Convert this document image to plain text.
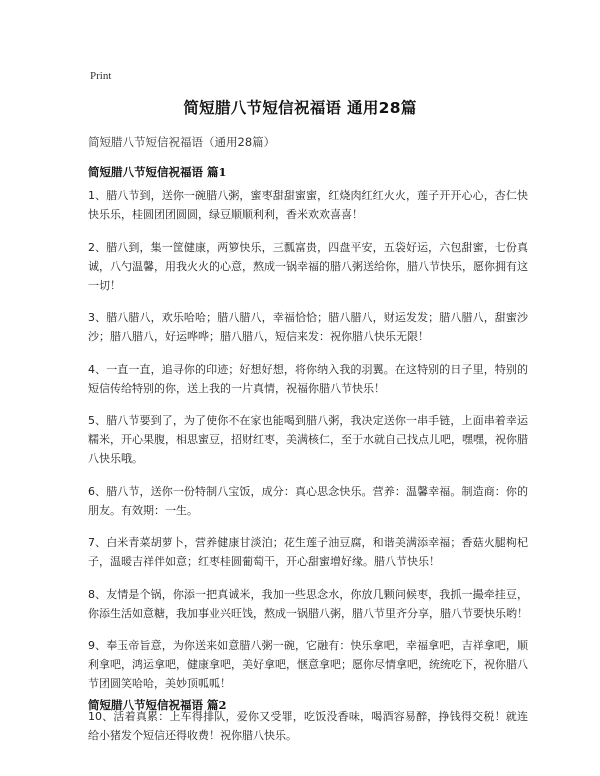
Print
简短腊八节短信祝福语 通用28篇
简短腊八节短信祝福语（通用28篇）
简短腊八节短信祝福语 篇1
1、腊八节到，送你一碗腊八粥，蜜枣甜甜蜜蜜，红烧肉红红火火，莲子开开心心，杏仁快快乐乐，桂圆团团圆圆，绿豆顺顺利利，香米欢欢喜喜！
2、腊八到，集一筐健康，两箩快乐，三瓢富贵，四盘平安，五袋好运，六包甜蜜，七份真诚，八勺温馨，用我火火的心意，熬成一锅幸福的腊八粥送给你，腊八节快乐，愿你拥有这一切！
3、腊八腊八，欢乐哈哈；腊八腊八，幸福恰恰；腊八腊八，财运发发；腊八腊八，甜蜜沙沙；腊八腊八，好运哗哗；腊八腊八，短信来发：祝你腊八快乐无限！
4、一直一直，追寻你的印迹；好想好想，将你纳入我的羽翼。在这特别的日子里，特别的短信传给特别的你，送上我的一片真情，祝福你腊八节快乐！
5、腊八节要到了，为了使你不在家也能喝到腊八粥，我决定送你一串手链，上面串着幸运糯米，开心果腹，相思蜜豆，招财红枣，美满核仁，至于水就自己找点儿吧，嘿嘿，祝你腊八快乐哦。
6、腊八节，送你一份特制八宝饭，成分：真心思念快乐。营养：温馨幸福。制造商：你的朋友。有效期：一生。
7、白米青菜胡萝卜，营养健康甘淡泊；花生莲子油豆腐，和谐美满添幸福；香菇火腿枸杞子，温暖吉祥伴如意；红枣桂圆葡萄干，开心甜蜜增好缘。腊八节快乐！
8、友情是个锅，你添一把真诚米，我加一些思念水，你放几颗问候枣，我抓一撮牵挂豆，你添生活如意糖，我加事业兴旺饯，熬成一锅腊八粥，腊八节里齐分享，腊八节要快乐哟！
9、奉玉帝旨意，为你送来如意腊八粥一碗，它融有：快乐拿吧，幸福拿吧，吉祥拿吧，顺利拿吧，鸿运拿吧，健康拿吧，美好拿吧，惬意拿吧；愿你尽情拿吧，统统吃下，祝你腊八节团圆笑哈哈，美妙顶呱呱！
10、活着真累：上车得排队，爱你又受罪，吃饭没香味，喝酒容易醉，挣钱得交税！就连给小猪发个短信还得收费！祝你腊八快乐。
简短腊八节短信祝福语 篇2
